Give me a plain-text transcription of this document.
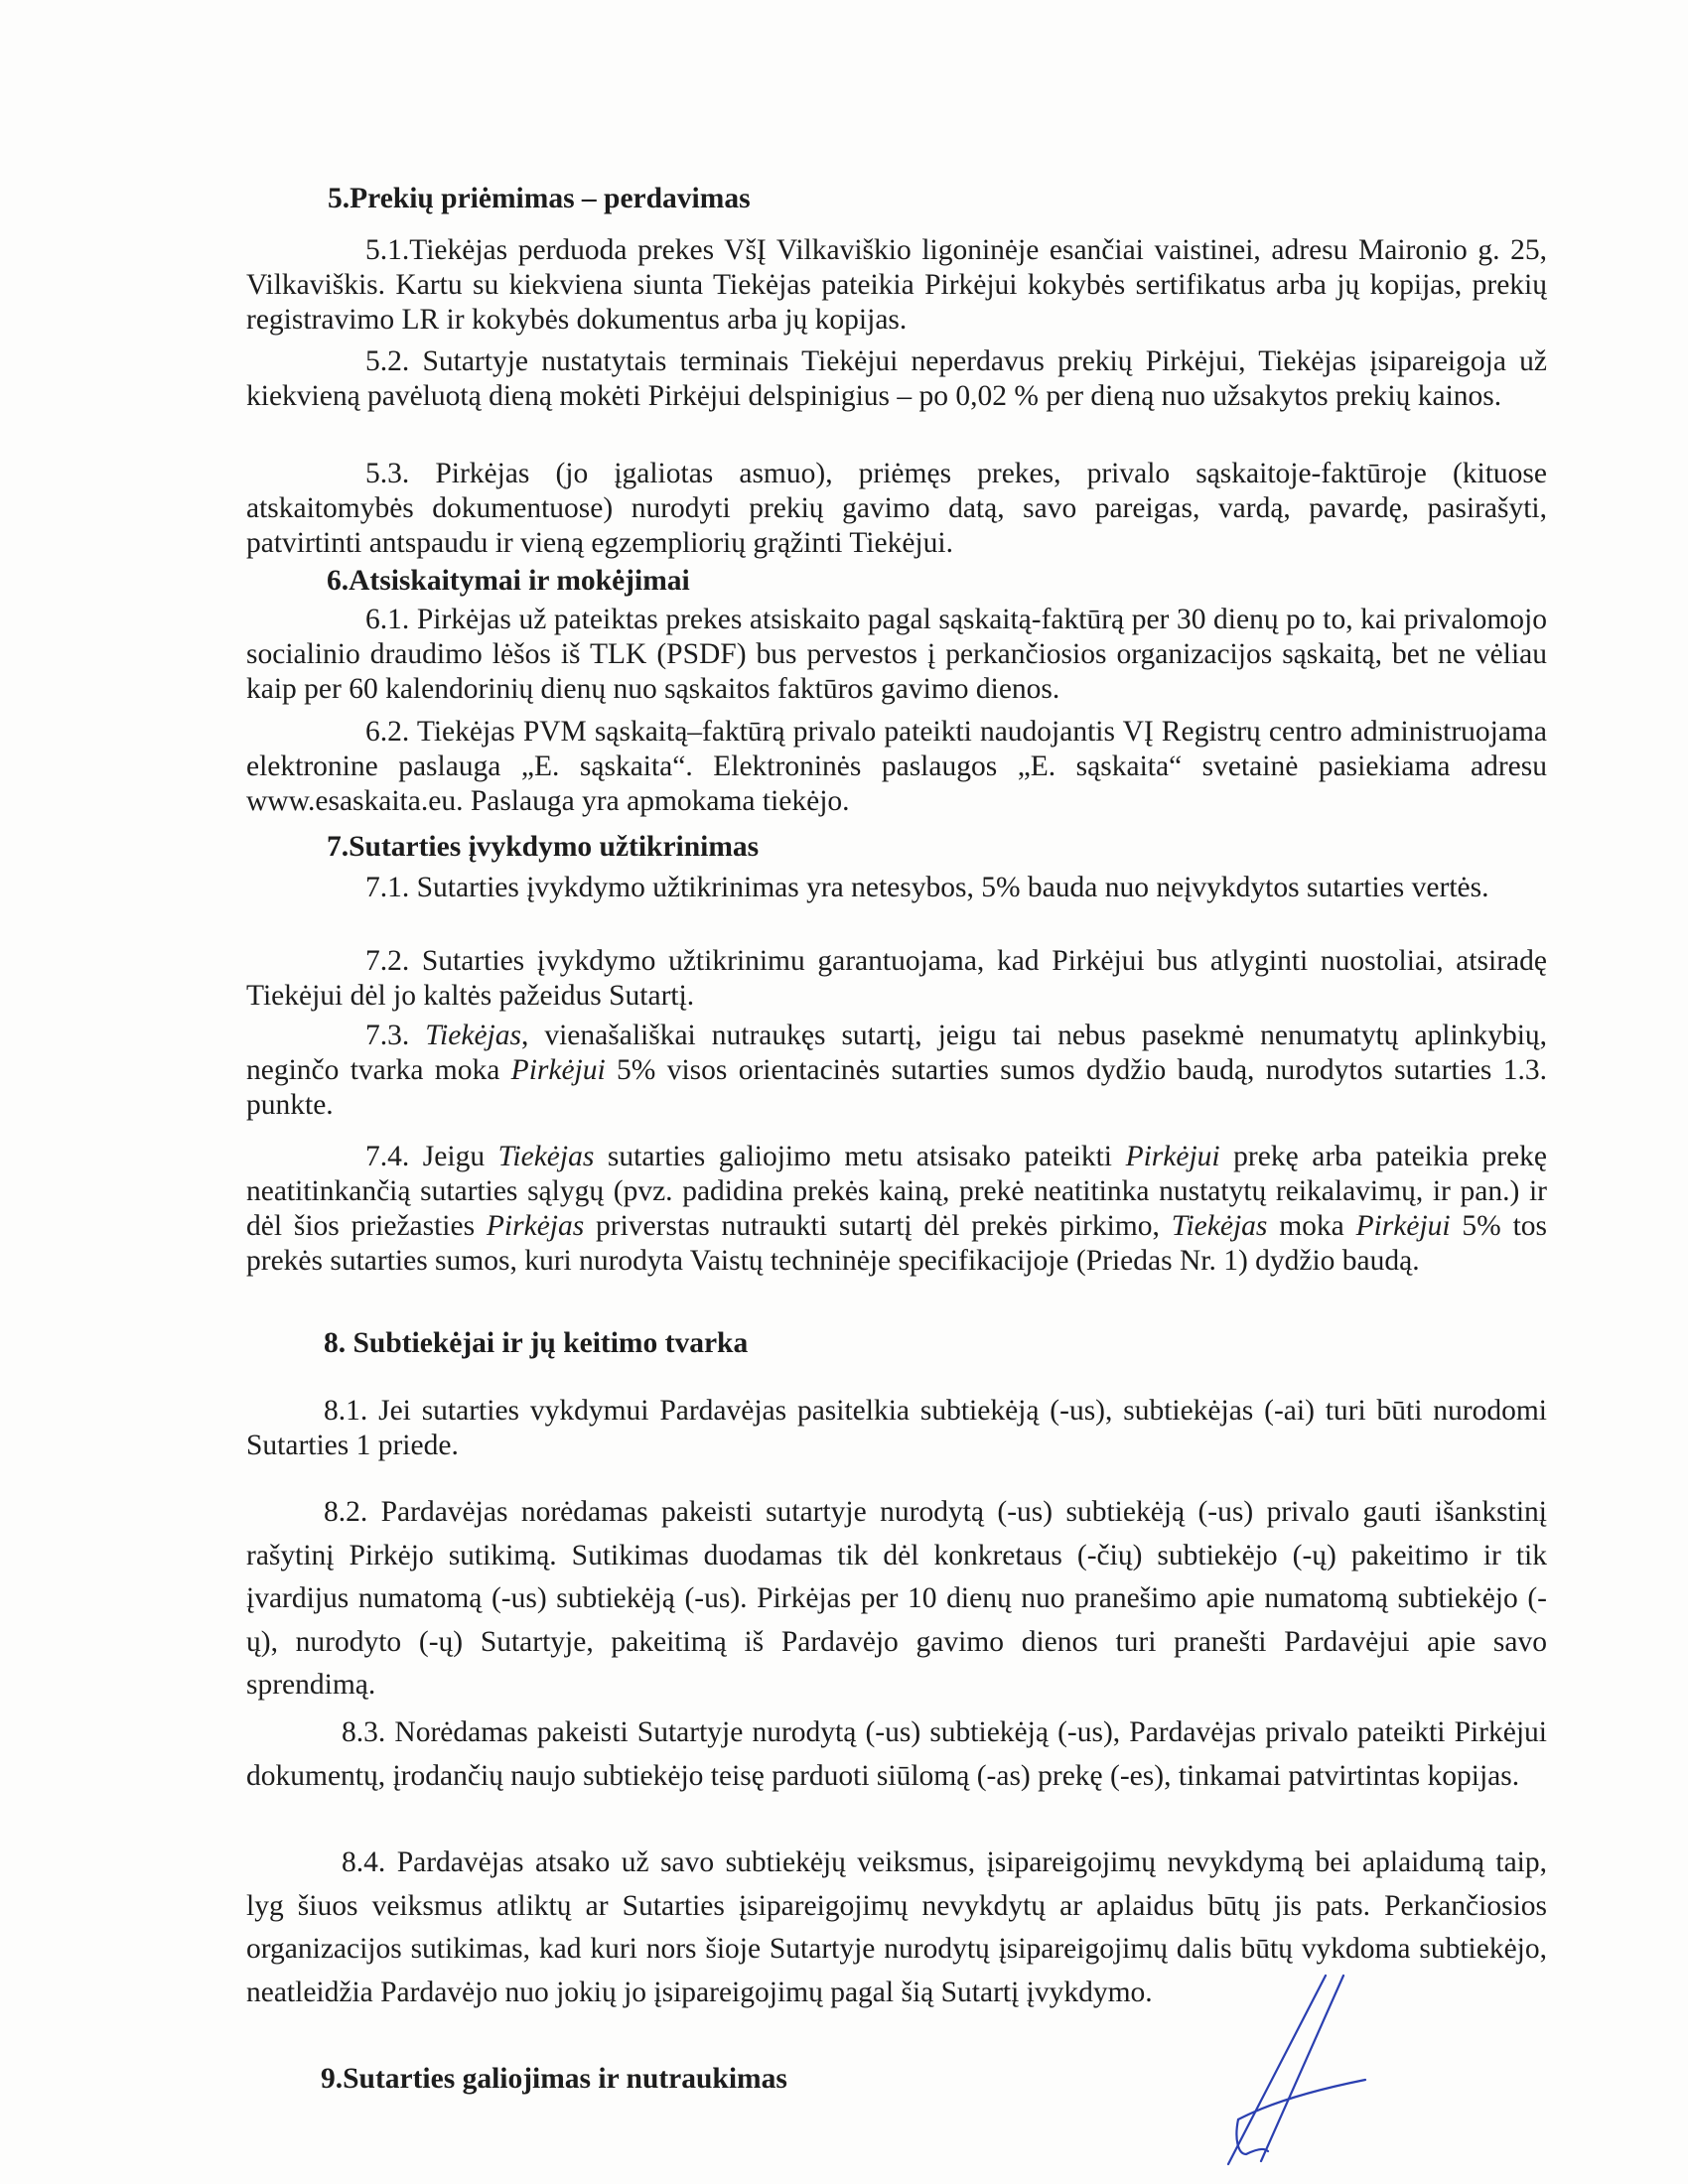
5.Prekių priėmimas – perdavimas

5.1.Tiekėjas perduoda prekes VšĮ Vilkaviškio ligoninėje esančiai vaistinei, adresu Maironio g. 25, Vilkaviškis. Kartu su kiekviena siunta Tiekėjas pateikia Pirkėjui kokybės sertifikatus arba jų kopijas, prekių registravimo LR ir kokybės dokumentus arba jų kopijas.

5.2. Sutartyje nustatytais terminais Tiekėjui neperdavus prekių Pirkėjui, Tiekėjas įsipareigoja už kiekvieną pavėluotą dieną mokėti Pirkėjui delspinigius – po 0,02 % per dieną nuo užsakytos prekių kainos.

5.3. Pirkėjas (jo įgaliotas asmuo), priėmęs prekes, privalo sąskaitoje-faktūroje (kituose atskaitomybės dokumentuose) nurodyti prekių gavimo datą, savo pareigas, vardą, pavardę, pasirašyti, patvirtinti antspaudu ir vieną egzempliorių grąžinti Tiekėjui.

6.Atsiskaitymai ir mokėjimai

6.1. Pirkėjas už pateiktas prekes atsiskaito pagal sąskaitą-faktūrą per 30 dienų po to, kai privalomojo socialinio draudimo lėšos iš TLK (PSDF) bus pervestos į perkančiosios organizacijos sąskaitą, bet ne vėliau kaip per 60 kalendorinių dienų nuo sąskaitos faktūros gavimo dienos.

6.2. Tiekėjas PVM sąskaitą–faktūrą privalo pateikti naudojantis VĮ Registrų centro administruojama elektronine paslauga „E. sąskaita“. Elektroninės paslaugos „E. sąskaita“ svetainė pasiekiama adresu www.esaskaita.eu. Paslauga yra apmokama tiekėjo.

7.Sutarties įvykdymo užtikrinimas

7.1. Sutarties įvykdymo užtikrinimas yra netesybos, 5% bauda nuo neįvykdytos sutarties vertės.

7.2. Sutarties įvykdymo užtikrinimu garantuojama, kad Pirkėjui bus atlyginti nuostoliai, atsiradę Tiekėjui dėl jo kaltės pažeidus Sutartį.

7.3. Tiekėjas, vienašališkai nutraukęs sutartį, jeigu tai nebus pasekmė nenumatytų aplinkybių, neginčo tvarka moka Pirkėjui 5% visos orientacinės sutarties sumos dydžio baudą, nurodytos sutarties 1.3. punkte.

7.4. Jeigu Tiekėjas sutarties galiojimo metu atsisako pateikti Pirkėjui prekę arba pateikia prekę neatitinkančią sutarties sąlygų (pvz. padidina prekės kainą, prekė neatitinka nustatytų reikalavimų, ir pan.) ir dėl šios priežasties Pirkėjas priverstas nutraukti sutartį dėl prekės pirkimo, Tiekėjas moka Pirkėjui 5% tos prekės sutarties sumos, kuri nurodyta Vaistų techninėje specifikacijoje (Priedas Nr. 1) dydžio baudą.

8. Subtiekėjai ir jų keitimo tvarka

8.1. Jei sutarties vykdymui Pardavėjas pasitelkia subtiekėją (-us), subtiekėjas (-ai) turi būti nurodomi Sutarties 1 priede.

8.2. Pardavėjas norėdamas pakeisti sutartyje nurodytą (-us) subtiekėją (-us) privalo gauti išankstinį rašytinį Pirkėjo sutikimą. Sutikimas duodamas tik dėl konkretaus (-čių) subtiekėjo (-ų) pakeitimo ir tik įvardijus numatomą (-us) subtiekėją (-us). Pirkėjas per 10 dienų nuo pranešimo apie numatomą subtiekėjo (-ų), nurodyto (-ų) Sutartyje, pakeitimą iš Pardavėjo gavimo dienos turi pranešti Pardavėjui apie savo sprendimą.

8.3. Norėdamas pakeisti Sutartyje nurodytą (-us) subtiekėją (-us), Pardavėjas privalo pateikti Pirkėjui dokumentų, įrodančių naujo subtiekėjo teisę parduoti siūlomą (-as) prekę (-es), tinkamai patvirtintas kopijas.

8.4. Pardavėjas atsako už savo subtiekėjų veiksmus, įsipareigojimų nevykdymą bei aplaidumą taip, lyg šiuos veiksmus atliktų ar Sutarties įsipareigojimų nevykdytų ar aplaidus būtų jis pats. Perkančiosios organizacijos sutikimas, kad kuri nors šioje Sutartyje nurodytų įsipareigojimų dalis būtų vykdoma subtiekėjo, neatleidžia Pardavėjo nuo jokių jo įsipareigojimų pagal šią Sutartį įvykdymo.

9.Sutarties galiojimas ir nutraukimas
